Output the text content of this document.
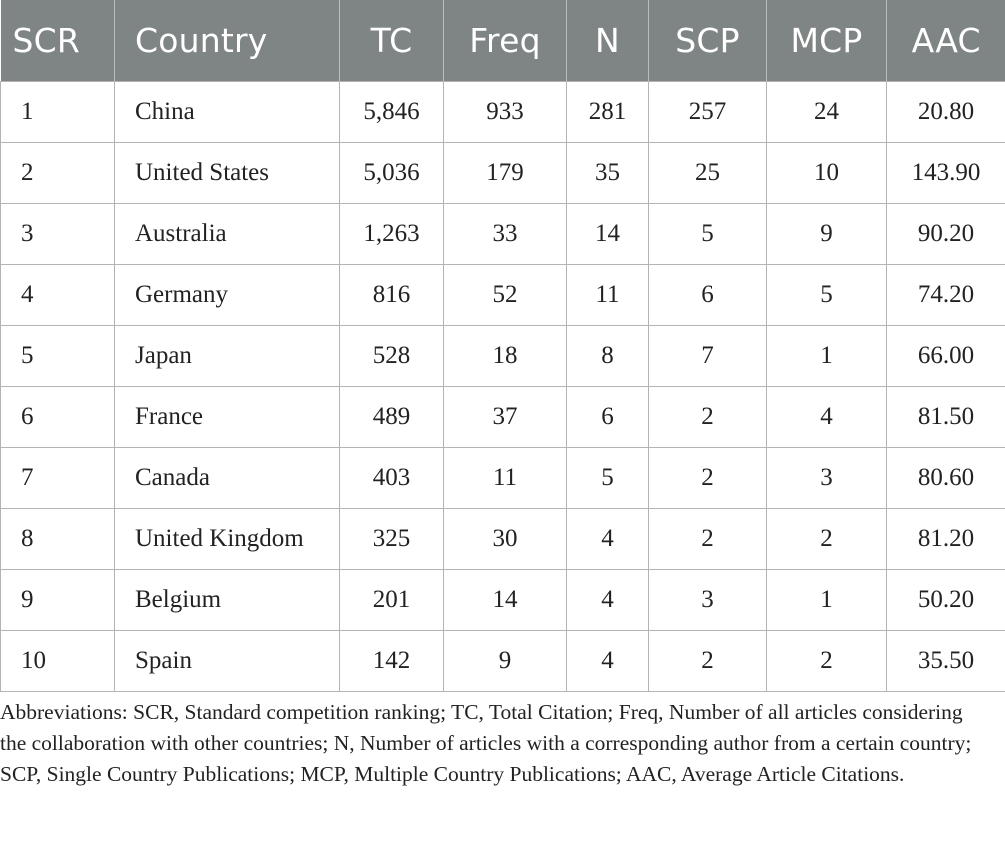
SCR	Country	TC	Freq	N	SCP	MCP	AAC
1	China	5,846	933	281	257	24	20.80
2	United States	5,036	179	35	25	10	143.90
3	Australia	1,263	33	14	5	9	90.20
4	Germany	816	52	11	6	5	74.20
5	Japan	528	18	8	7	1	66.00
6	France	489	37	6	2	4	81.50
7	Canada	403	11	5	2	3	80.60
8	United Kingdom	325	30	4	2	2	81.20
9	Belgium	201	14	4	3	1	50.20
10	Spain	142	9	4	2	2	35.50

Abbreviations: SCR, Standard competition ranking; TC, Total Citation; Freq, Number of all articles considering the collaboration with other countries; N, Number of articles with a corresponding author from a certain country; SCP, Single Country Publications; MCP, Multiple Country Publications; AAC, Average Article Citations.
